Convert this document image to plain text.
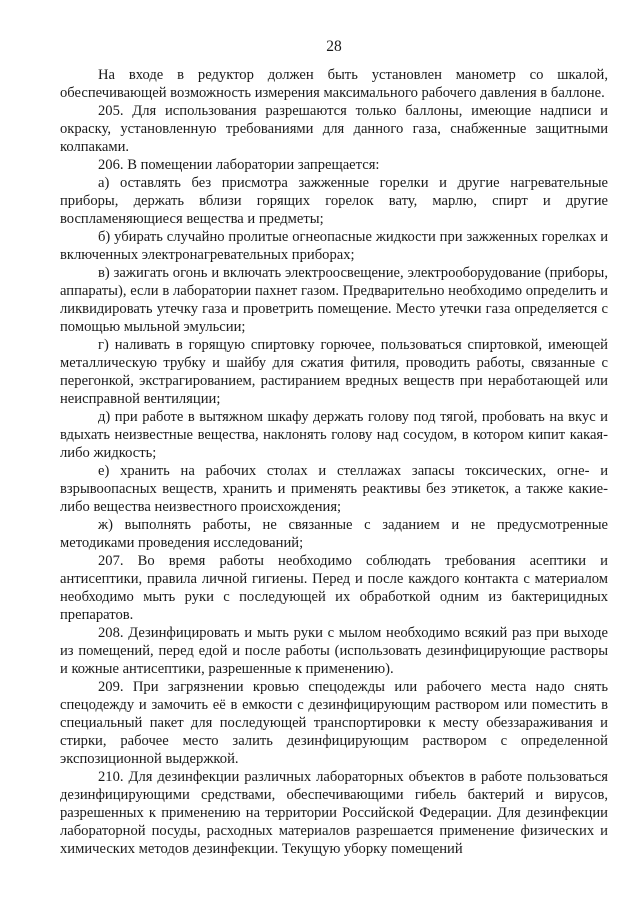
28

На входе в редуктор должен быть установлен манометр со шкалой, обеспечивающей возможность измерения максимального рабочего давления в баллоне.

205. Для использования разрешаются только баллоны, имеющие надписи и окраску, установленную требованиями для данного газа, снабженные защитными колпаками.

206. В помещении лаборатории запрещается:

а) оставлять без присмотра зажженные горелки и другие нагревательные приборы, держать вблизи горящих горелок вату, марлю, спирт и другие воспламеняющиеся вещества и предметы;

б) убирать случайно пролитые огнеопасные жидкости при зажженных горелках и включенных электронагревательных приборах;

в) зажигать огонь и включать электроосвещение, электрооборудование (приборы, аппараты), если в лаборатории пахнет газом. Предварительно необходимо определить и ликвидировать утечку газа и проветрить помещение. Место утечки газа определяется с помощью мыльной эмульсии;

г) наливать в горящую спиртовку горючее, пользоваться спиртовкой, имеющей металлическую трубку и шайбу для сжатия фитиля, проводить работы, связанные с перегонкой, экстрагированием, растиранием вредных веществ при неработающей или неисправной вентиляции;

д) при работе в вытяжном шкафу держать голову под тягой, пробовать на вкус и вдыхать неизвестные вещества, наклонять голову над сосудом, в котором кипит какая-либо жидкость;

е) хранить на рабочих столах и стеллажах запасы токсических, огне- и взрывоопасных веществ, хранить и применять реактивы без этикеток, а также какие-либо вещества неизвестного происхождения;

ж) выполнять работы, не связанные с заданием и не предусмотренные методиками проведения исследований;

207. Во время работы необходимо соблюдать требования асептики и антисептики, правила личной гигиены. Перед и после каждого контакта с материалом необходимо мыть руки с последующей их обработкой одним из бактерицидных препаратов.

208. Дезинфицировать и мыть руки с мылом необходимо всякий раз при выходе из помещений, перед едой и после работы (использовать дезинфицирующие растворы и кожные антисептики, разрешенные к применению).

209. При загрязнении кровью спецодежды или рабочего места надо снять спецодежду и замочить её в емкости с дезинфицирующим раствором или поместить в специальный пакет для последующей транспортировки к месту обеззараживания и стирки, рабочее место залить дезинфицирующим раствором с определенной экспозиционной выдержкой.

210. Для дезинфекции различных лабораторных объектов в работе пользоваться дезинфицирующими средствами, обеспечивающими гибель бактерий и вирусов, разрешенных к применению на территории Российской Федерации. Для дезинфекции лабораторной посуды, расходных материалов разрешается применение физических и химических методов дезинфекции. Текущую уборку помещений
